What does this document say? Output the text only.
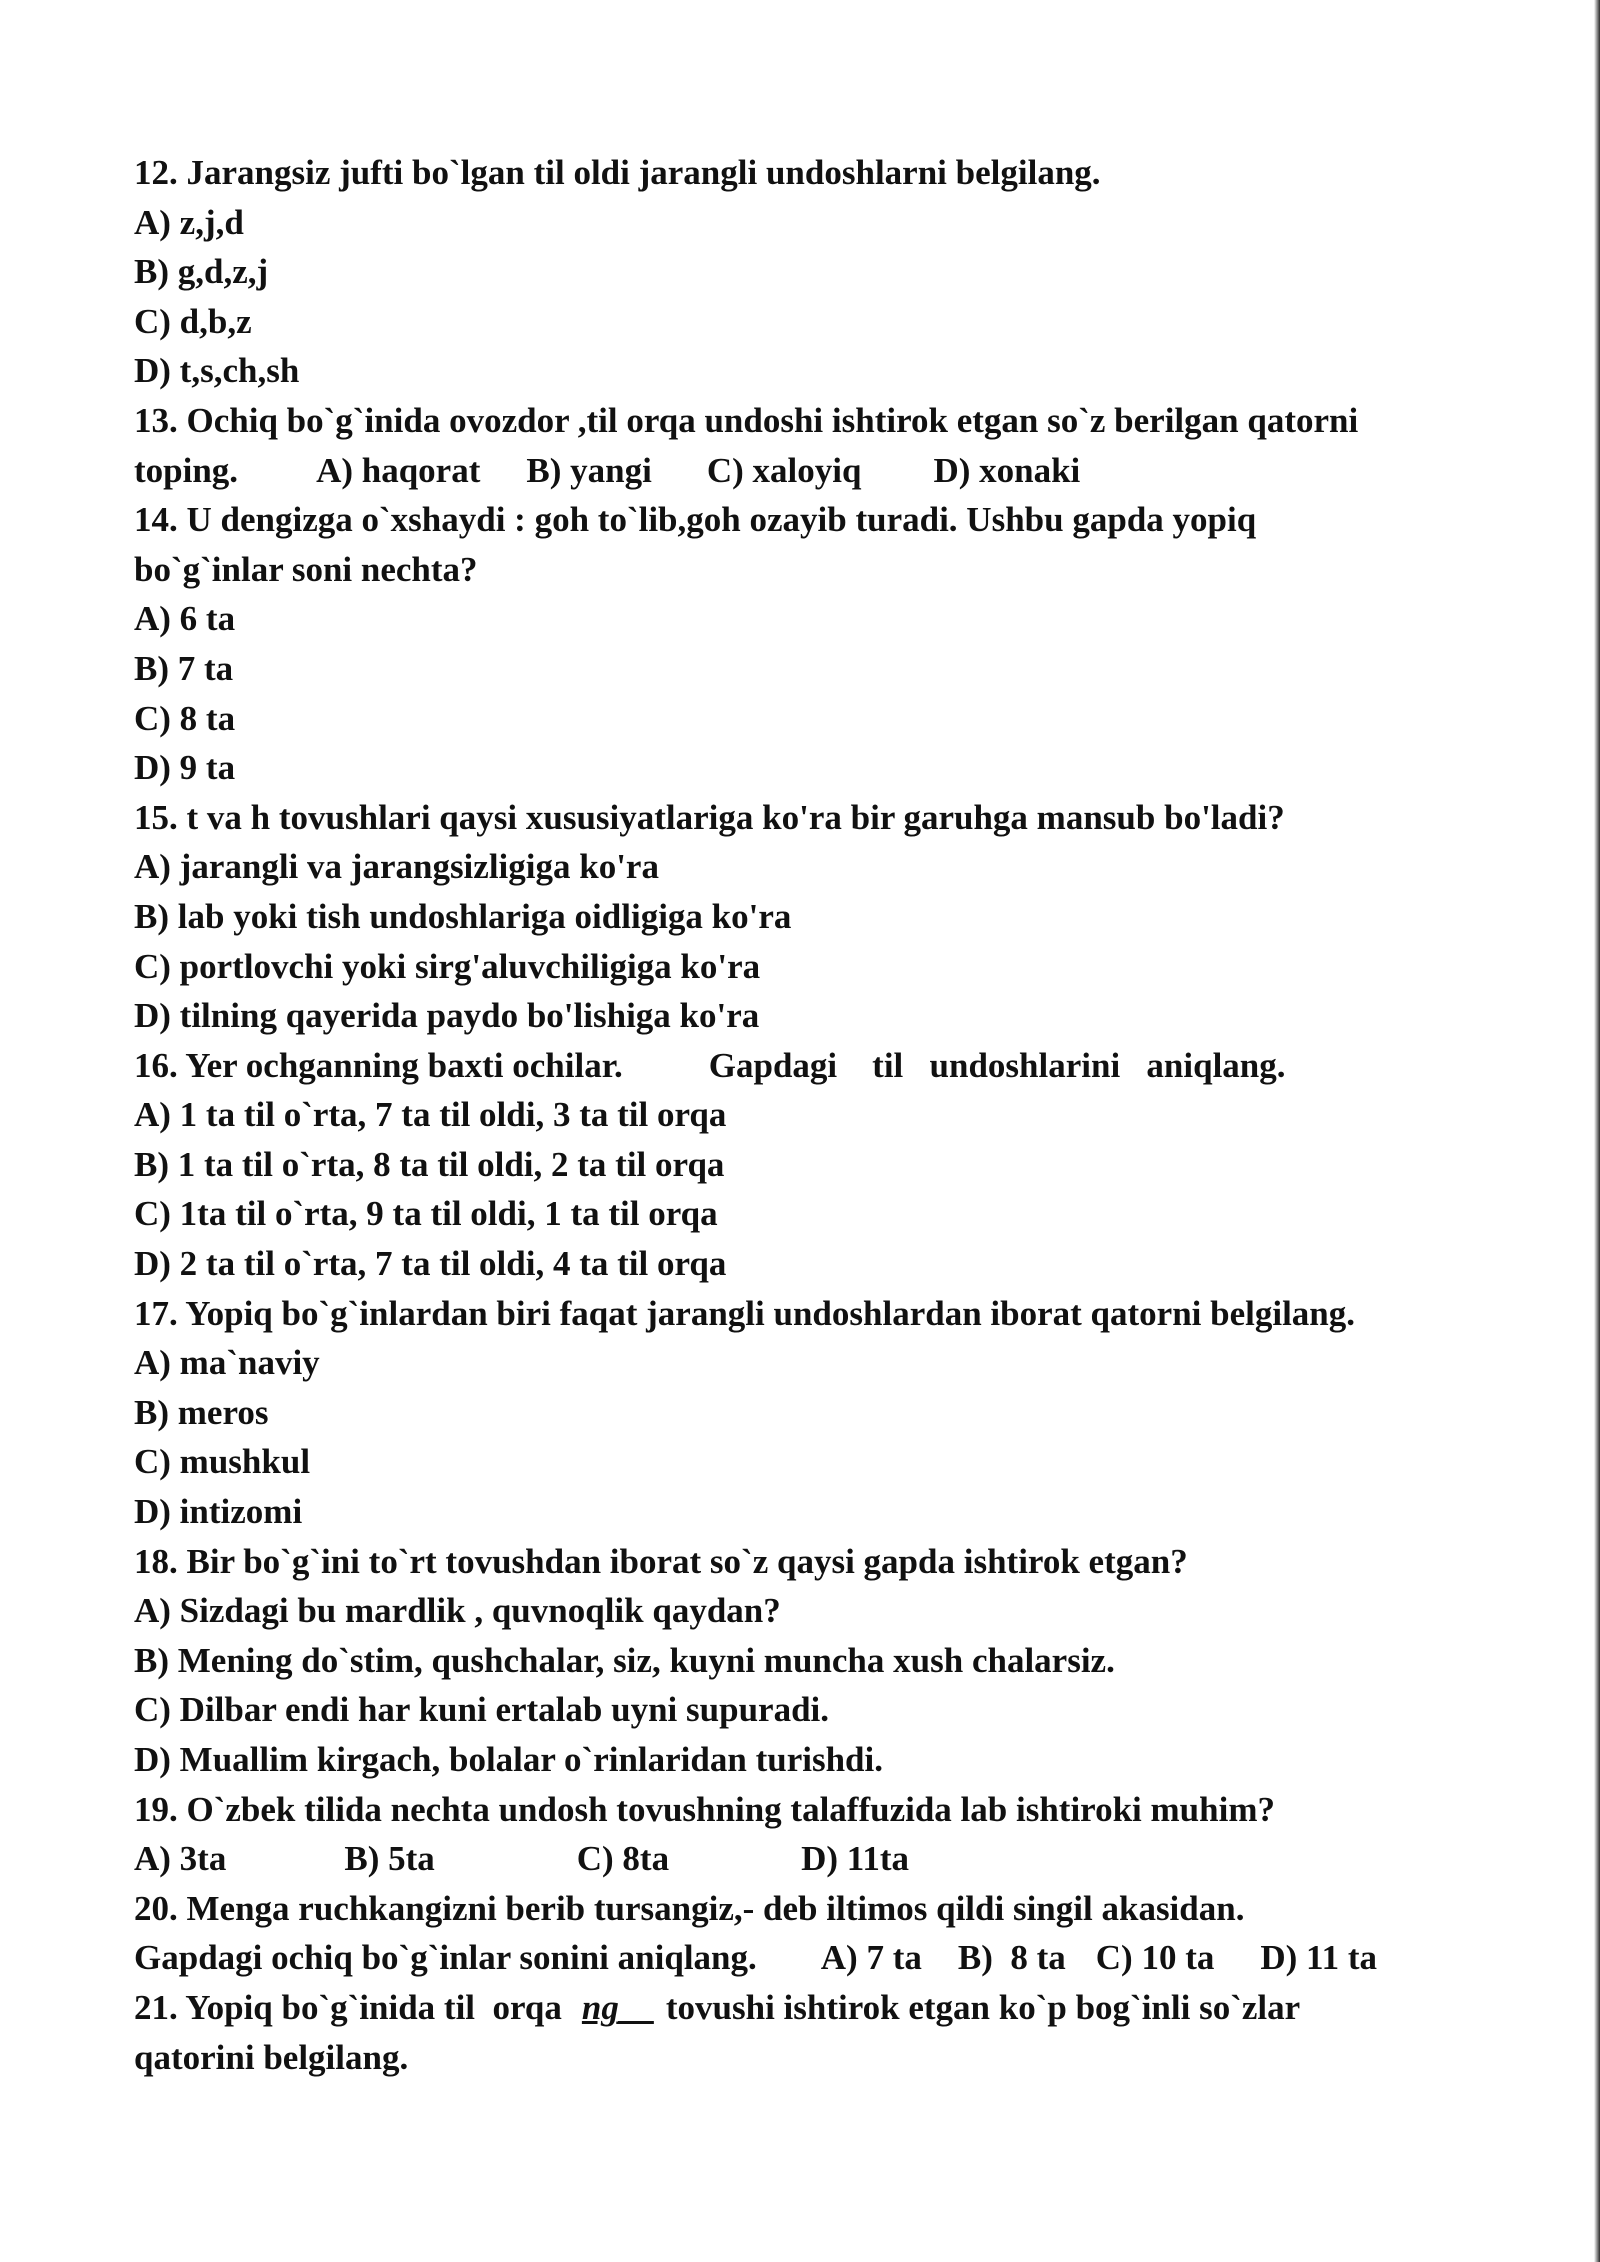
12. Jarangsiz jufti bo`lgan til oldi jarangli undoshlarni belgilang.
A) z,j,d
B) g,d,z,j
C) d,b,z
D) t,s,ch,sh
13. Ochiq bo`g`inida ovozdor ,til orqa undoshi ishtirok etgan so`z berilgan qatorni
toping. A) haqorat B) yangi C) xaloyiq D) xonaki
14. U dengizga o`xshaydi : goh to`lib,goh ozayib turadi. Ushbu gapda yopiq
bo`g`inlar soni nechta?
A) 6 ta
B) 7 ta
C) 8 ta
D) 9 ta
15. t va h tovushlari qaysi xususiyatlariga ko'ra bir garuhga mansub bo'ladi?
A) jarangli va jarangsizligiga ko'ra
B) lab yoki tish undoshlariga oidligiga ko'ra
C) portlovchi yoki sirg'aluvchiligiga ko'ra
D) tilning qayerida paydo bo'lishiga ko'ra
16. Yer ochganning baxti ochilar. Gapdagi    til   undoshlarini   aniqlang.
A) 1 ta til o`rta, 7 ta til oldi, 3 ta til orqa
B) 1 ta til o`rta, 8 ta til oldi, 2 ta til orqa
C) 1ta til o`rta, 9 ta til oldi, 1 ta til orqa
D) 2 ta til o`rta, 7 ta til oldi, 4 ta til orqa
17. Yopiq bo`g`inlardan biri faqat jarangli undoshlardan iborat qatorni belgilang.
A) ma`naviy
B) meros
C) mushkul
D) intizomi
18. Bir bo`g`ini to`rt tovushdan iborat so`z qaysi gapda ishtirok etgan?
A) Sizdagi bu mardlik , quvnoqlik qaydan?
B) Mening do`stim, qushchalar, siz, kuyni muncha xush chalarsiz.
C) Dilbar endi har kuni ertalab uyni supuradi.
D) Muallim kirgach, bolalar o`rinlaridan turishdi.
19. O`zbek tilida nechta undosh tovushning talaffuzida lab ishtiroki muhim?
A) 3ta	B) 5ta	C) 8ta	D) 11ta
20. Menga ruchkangizni berib tursangiz,- deb iltimos qildi singil akasidan.
Gapdagi ochiq bo`g`inlar sonini aniqlang. A) 7 ta B)  8 ta C) 10 ta D) 11 ta
21. Yopiq bo`g`inida til  orqa ng__ tovushi ishtirok etgan ko`p bog`inli so`zlar
qatorini belgilang.
